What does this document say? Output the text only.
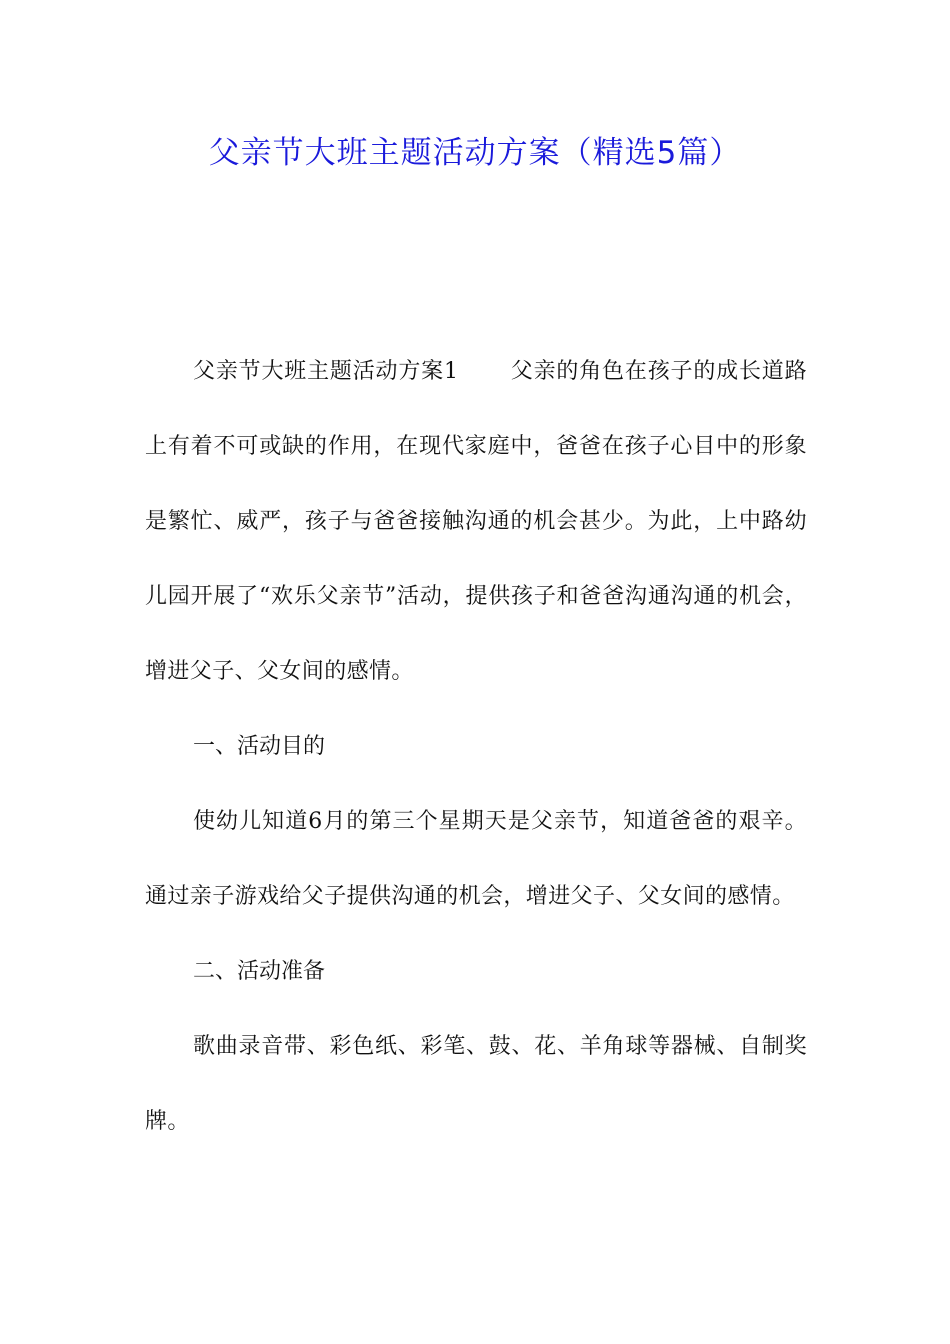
父亲节大班主题活动方案（精选5篇）

父亲节大班主题活动方案1 父亲的角色在孩子的成长道路上有着不可或缺的作用，在现代家庭中，爸爸在孩子心目中的形象是繁忙、威严，孩子与爸爸接触沟通的机会甚少。为此，上中路幼儿园开展了“欢乐父亲节”活动，提供孩子和爸爸沟通沟通的机会，增进父子、父女间的感情。

一、活动目的

使幼儿知道6月的第三个星期天是父亲节，知道爸爸的艰辛。通过亲子游戏给父子提供沟通的机会，增进父子、父女间的感情。

二、活动准备

歌曲录音带、彩色纸、彩笔、鼓、花、羊角球等器械、自制奖牌。
